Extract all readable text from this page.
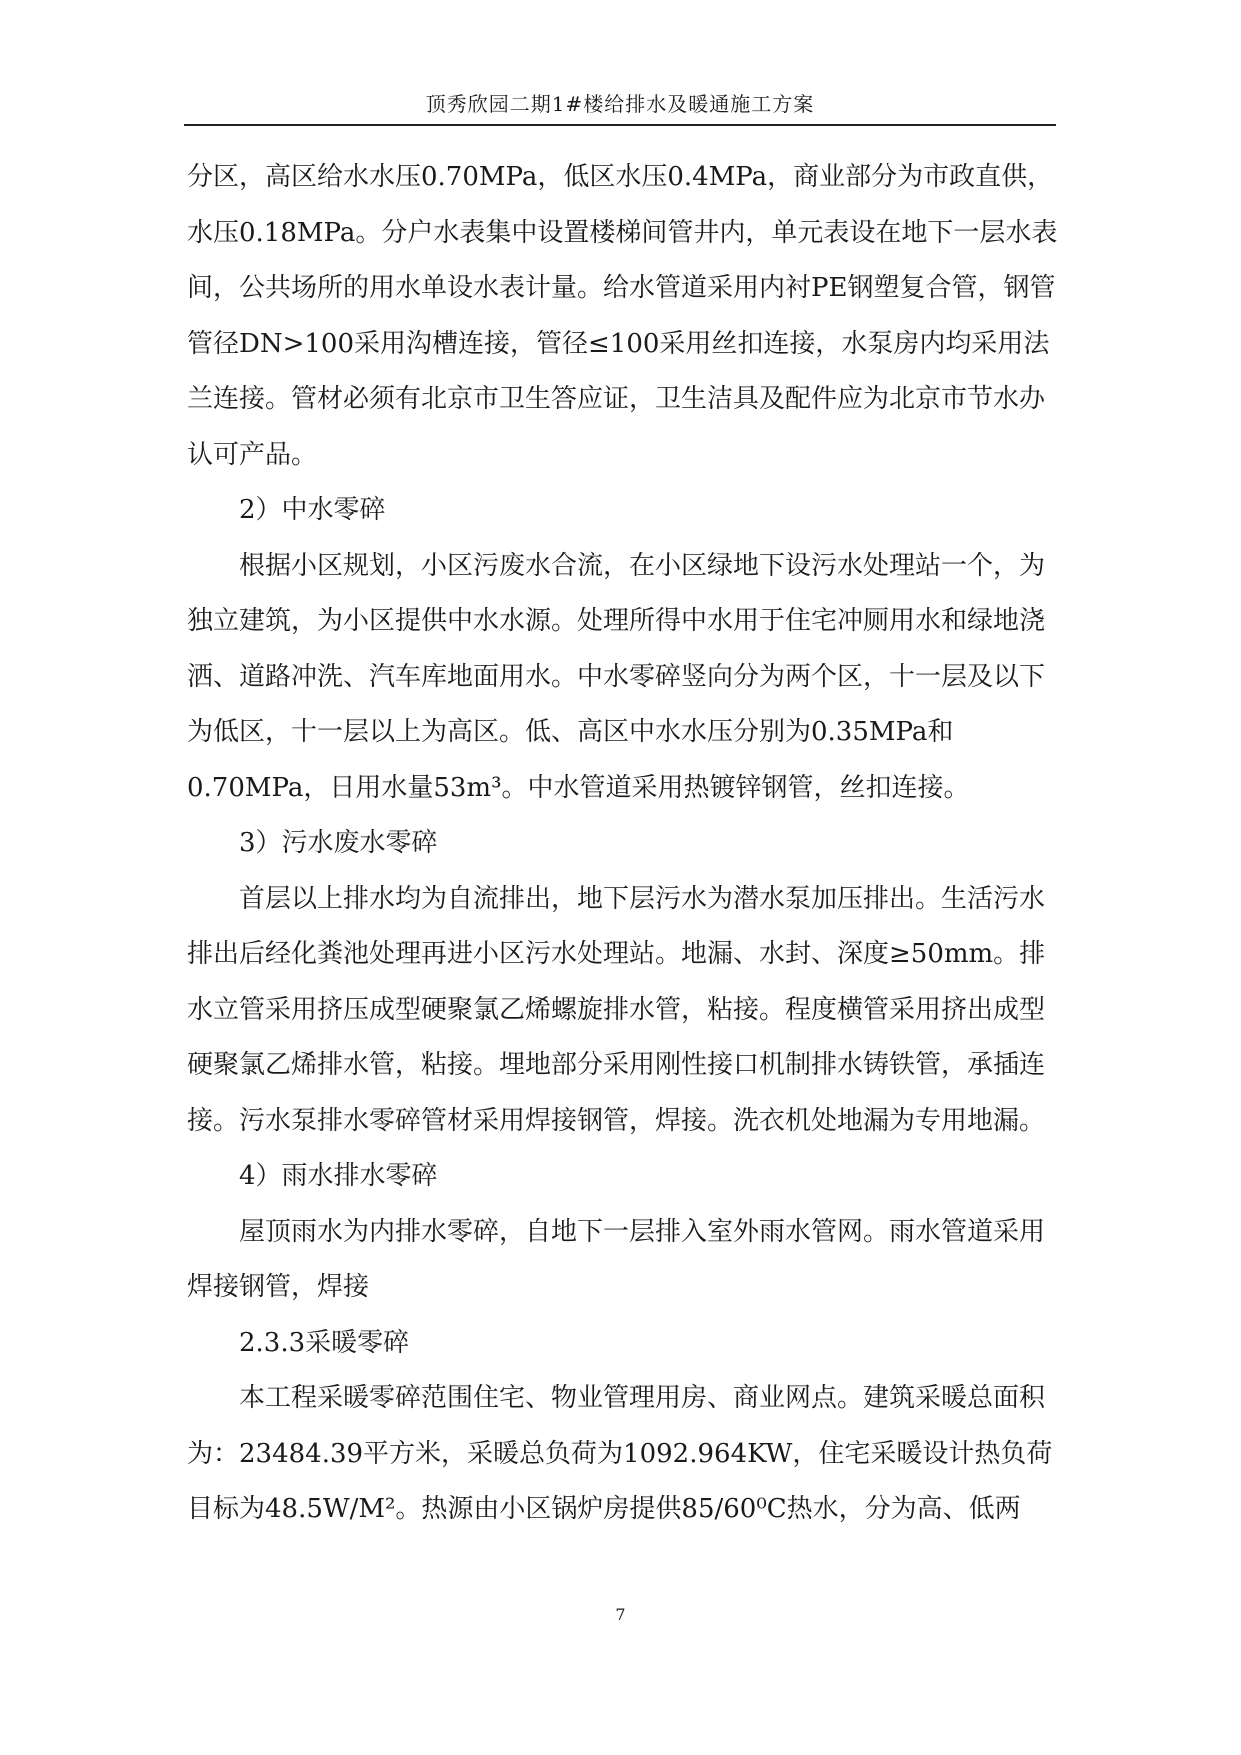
顶秀欣园二期1#楼给排水及暖通施工方案

分区，高区给水水压0.70MPa，低区水压0.4MPa，商业部分为市政直供，水压0.18MPa。分户水表集中设置楼梯间管井内，单元表设在地下一层水表间，公共场所的用水单设水表计量。给水管道采用内衬PE钢塑复合管，钢管管径DN>100采用沟槽连接，管径≤100采用丝扣连接，水泵房内均采用法兰连接。管材必须有北京市卫生答应证，卫生洁具及配件应为北京市节水办认可产品。

2）中水零碎

根据小区规划，小区污废水合流，在小区绿地下设污水处理站一个，为独立建筑，为小区提供中水水源。处理所得中水用于住宅冲厕用水和绿地浇洒、道路冲洗、汽车库地面用水。中水零碎竖向分为两个区，十一层及以下为低区，十一层以上为高区。低、高区中水水压分别为0.35MPa和0.70MPa，日用水量53m³。中水管道采用热镀锌钢管，丝扣连接。

3）污水废水零碎

首层以上排水均为自流排出，地下层污水为潜水泵加压排出。生活污水排出后经化粪池处理再进小区污水处理站。地漏、水封、深度≥50mm。排水立管采用挤压成型硬聚氯乙烯螺旋排水管，粘接。程度横管采用挤出成型硬聚氯乙烯排水管，粘接。埋地部分采用刚性接口机制排水铸铁管，承插连接。污水泵排水零碎管材采用焊接钢管，焊接。洗衣机处地漏为专用地漏。

4）雨水排水零碎

屋顶雨水为内排水零碎，自地下一层排入室外雨水管网。雨水管道采用焊接钢管，焊接

2.3.3采暖零碎

本工程采暖零碎范围住宅、物业管理用房、商业网点。建筑采暖总面积为：23484.39平方米，采暖总负荷为1092.964KW，住宅采暖设计热负荷目标为48.5W/M²。热源由小区锅炉房提供85/60⁰C热水，分为高、低两

7
